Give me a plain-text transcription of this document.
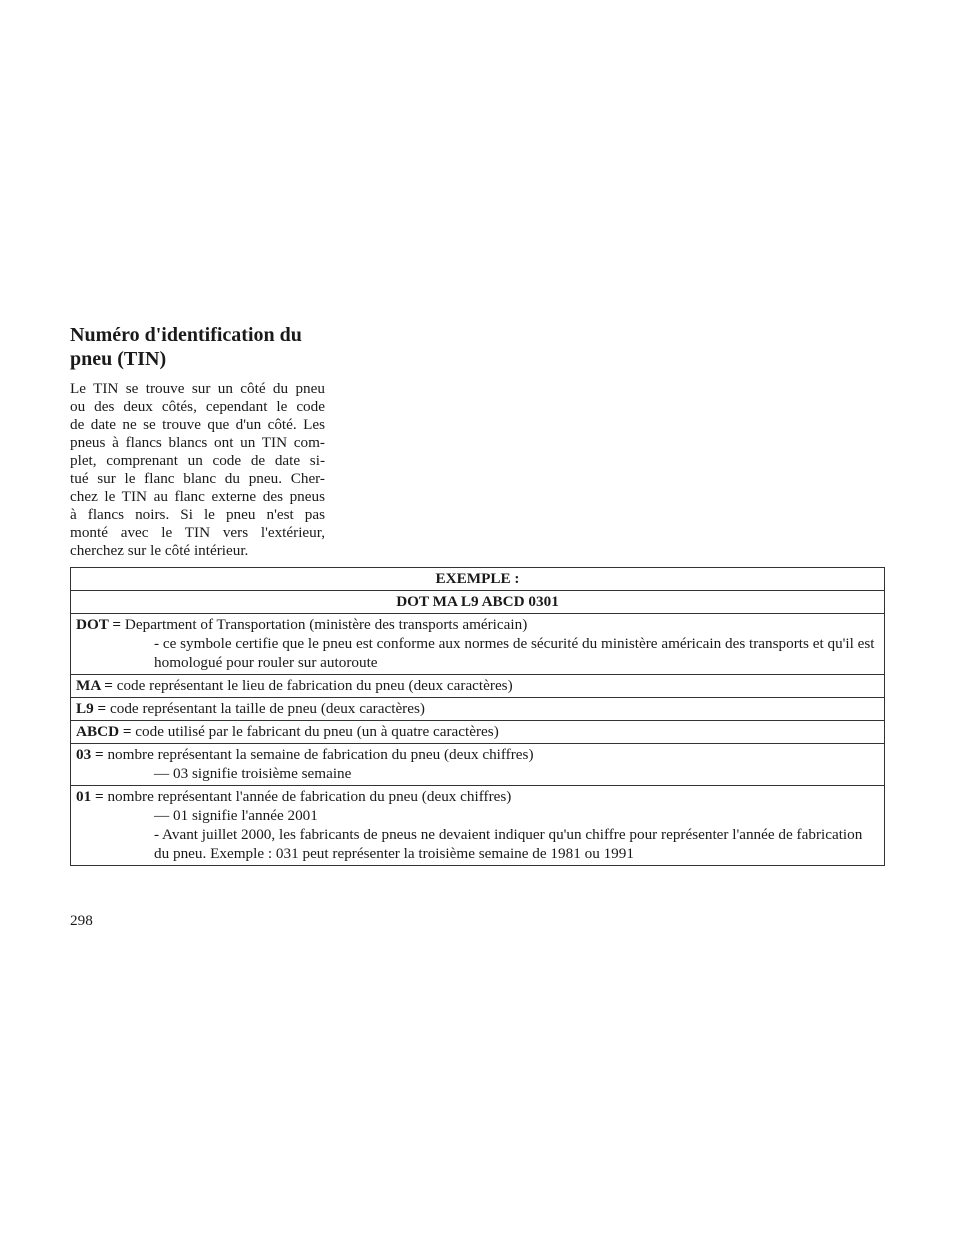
Numéro d'identification du
pneu (TIN)

Le TIN se trouve sur un côté du pneu
ou des deux côtés, cependant le code
de date ne se trouve que d'un côté. Les
pneus à flancs blancs ont un TIN com-
plet, comprenant un code de date si-
tué sur le flanc blanc du pneu. Cher-
chez le TIN au flanc externe des pneus
à flancs noirs. Si le pneu n'est pas
monté avec le TIN vers l'extérieur,
cherchez sur le côté intérieur.

EXEMPLE :
DOT MA L9 ABCD 0301
DOT = Department of Transportation (ministère des transports américain)
- ce symbole certifie que le pneu est conforme aux normes de sécurité du ministère américain des transports et qu'il est homologué pour rouler sur autoroute

MA = code représentant le lieu de fabrication du pneu (deux caractères)
L9 = code représentant la taille de pneu (deux caractères)
ABCD = code utilisé par le fabricant du pneu (un à quatre caractères)
03 = nombre représentant la semaine de fabrication du pneu (deux chiffres)
— 03 signifie troisième semaine

01 = nombre représentant l'année de fabrication du pneu (deux chiffres)
— 01 signifie l'année 2001
- Avant juillet 2000, les fabricants de pneus ne devaient indiquer qu'un chiffre pour représenter l'année de fabrication du pneu. Exemple : 031 peut représenter la troisième semaine de 1981 ou 1991

298
